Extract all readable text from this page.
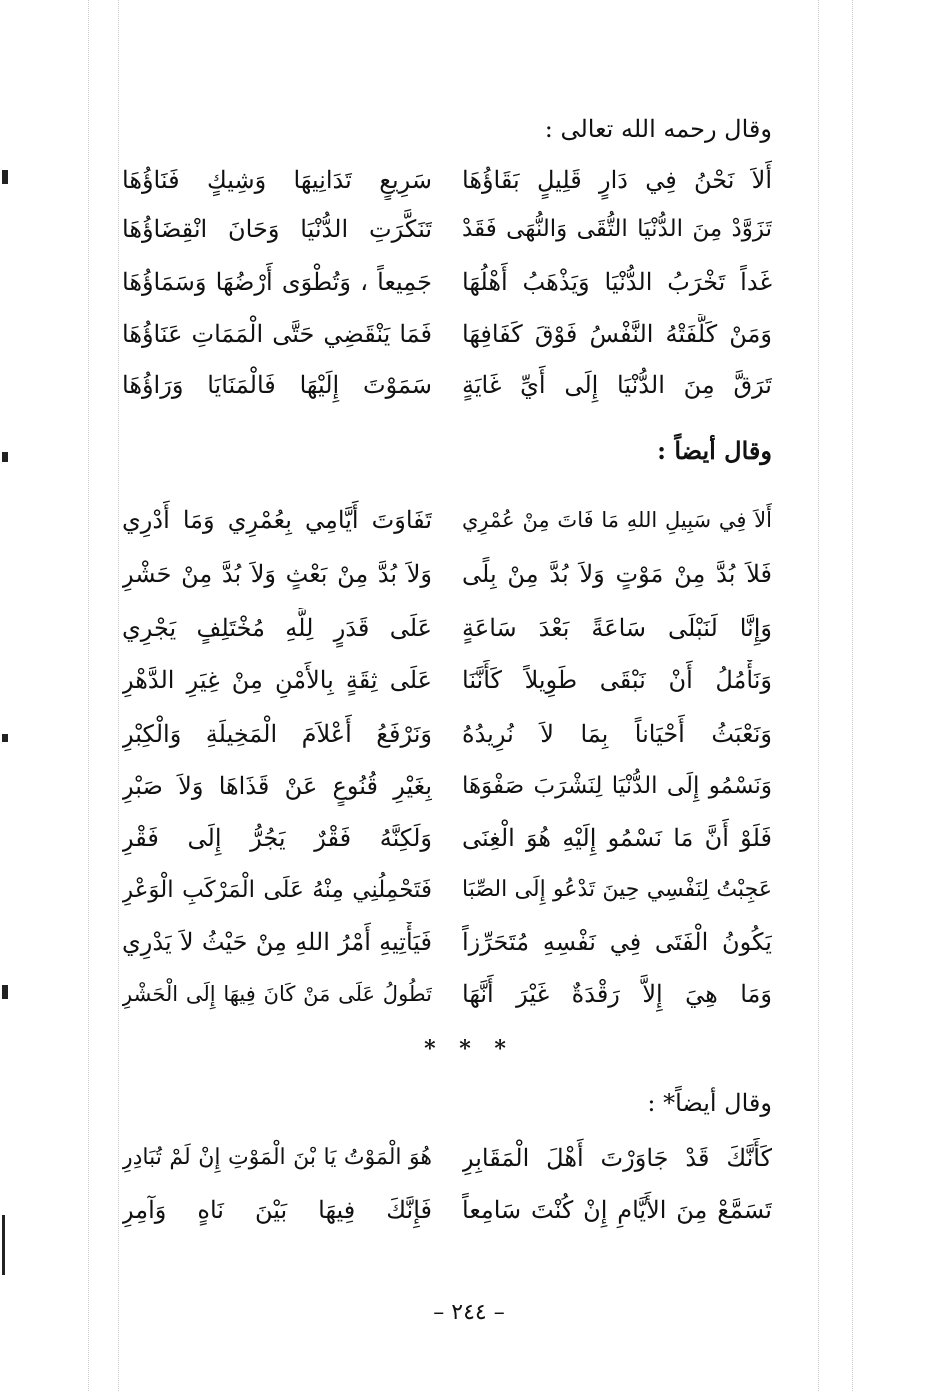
وقال رحمه الله تعالى :
أَلاَ نَحْنُ فِي دَارٍ قَلِيلٍ بَقَاؤُهَا
سَرِيعٍ تَدَانِيهَا وَشِيكٍ فَنَاؤُهَا
تَزَوَّدْ مِنَ الدُّنْيَا التُّقَى وَالنُّهَى فَقَدْ
تَنَكَّرَتِ الدُّنْيَا وَحَانَ انْقِضَاؤُهَا
غَداً تَخْرَبُ الدُّنْيَا وَيَذْهَبُ أَهْلُهَا
جَمِيعاً ، وَتُطْوَى أَرْضُهَا وَسَمَاؤُهَا
وَمَنْ كَلَّفَتْهُ النَّفْسُ فَوْقَ كَفَافِهَا
فَمَا يَنْقَضِي حَتَّى الْمَمَاتِ عَنَاؤُهَا
تَرَقَّ مِنَ الدُّنْيَا إِلَى أَيِّ غَايَةٍ
سَمَوْتَ إِلَيْهَا فَالْمَنَايَا وَرَاؤُهَا
وقال أيضاً :
أَلاَ فِي سَبِيلِ اللهِ مَا فَاتَ مِنْ عُمْرِي
تَفَاوَتَ أَيَّامِي بِعُمْرِي وَمَا أَدْرِي
فَلاَ بُدَّ مِنْ مَوْتٍ وَلاَ بُدَّ مِنْ بِلًى
وَلاَ بُدَّ مِنْ بَعْثٍ وَلاَ بُدَّ مِنْ حَشْرِ
وَإِنَّا لَنَبْلَى سَاعَةً بَعْدَ سَاعَةٍ
عَلَى قَدَرٍ لِلَّهِ مُخْتَلِفٍ يَجْرِي
وَنَأْمُلُ أَنْ نَبْقَى طَوِيلاً كَأَنَّنَا
عَلَى ثِقَةٍ بِالأَمْنِ مِنْ غِيَرِ الدَّهْرِ
وَنَعْبَثُ أَحْيَاناً بِمَا لاَ نُرِيدُهُ
وَنَرْفَعُ أَعْلاَمَ الْمَخِيلَةِ وَالْكِبْرِ
وَنَسْمُو إِلَى الدُّنْيَا لِنَشْرَبَ صَفْوَهَا
بِغَيْرِ قُنُوعٍ عَنْ قَذَاهَا وَلاَ صَبْرِ
فَلَوْ أَنَّ مَا نَسْمُو إِلَيْهِ هُوَ الْغِنَى
وَلَكِنَّهُ فَقْرٌ يَجُرُّ إِلَى فَقْرِ
عَجِبْتُ لِنَفْسِي حِينَ تَدْعُو إِلَى الصِّبَا
فَتَحْمِلُنِي مِنْهُ عَلَى الْمَرْكَبِ الْوَعْرِ
يَكُونُ الْفَتَى فِي نَفْسِهِ مُتَحَرِّزاً
فَيَأْتِيهِ أَمْرُ اللهِ مِنْ حَيْثُ لاَ يَدْرِي
وَمَا هِيَ إِلاَّ رَقْدَةٌ غَيْرَ أَنَّهَا
تَطُولُ عَلَى مَنْ كَانَ فِيهَا إِلَى الْحَشْرِ
* * *
وقال أيضاً* :
كَأَنَّكَ قَدْ جَاوَرْتَ أَهْلَ الْمَقَابِرِ
هُوَ الْمَوْتُ يَا بْنَ الْمَوْتِ إِنْ لَمْ تُبَادِرِ
تَسَمَّعْ مِنَ الأَيَّامِ إِنْ كُنْتَ سَامِعاً
فَإِنَّكَ فِيهَا بَيْنَ نَاهٍ وَآمِرِ
– ٢٤٤ –
